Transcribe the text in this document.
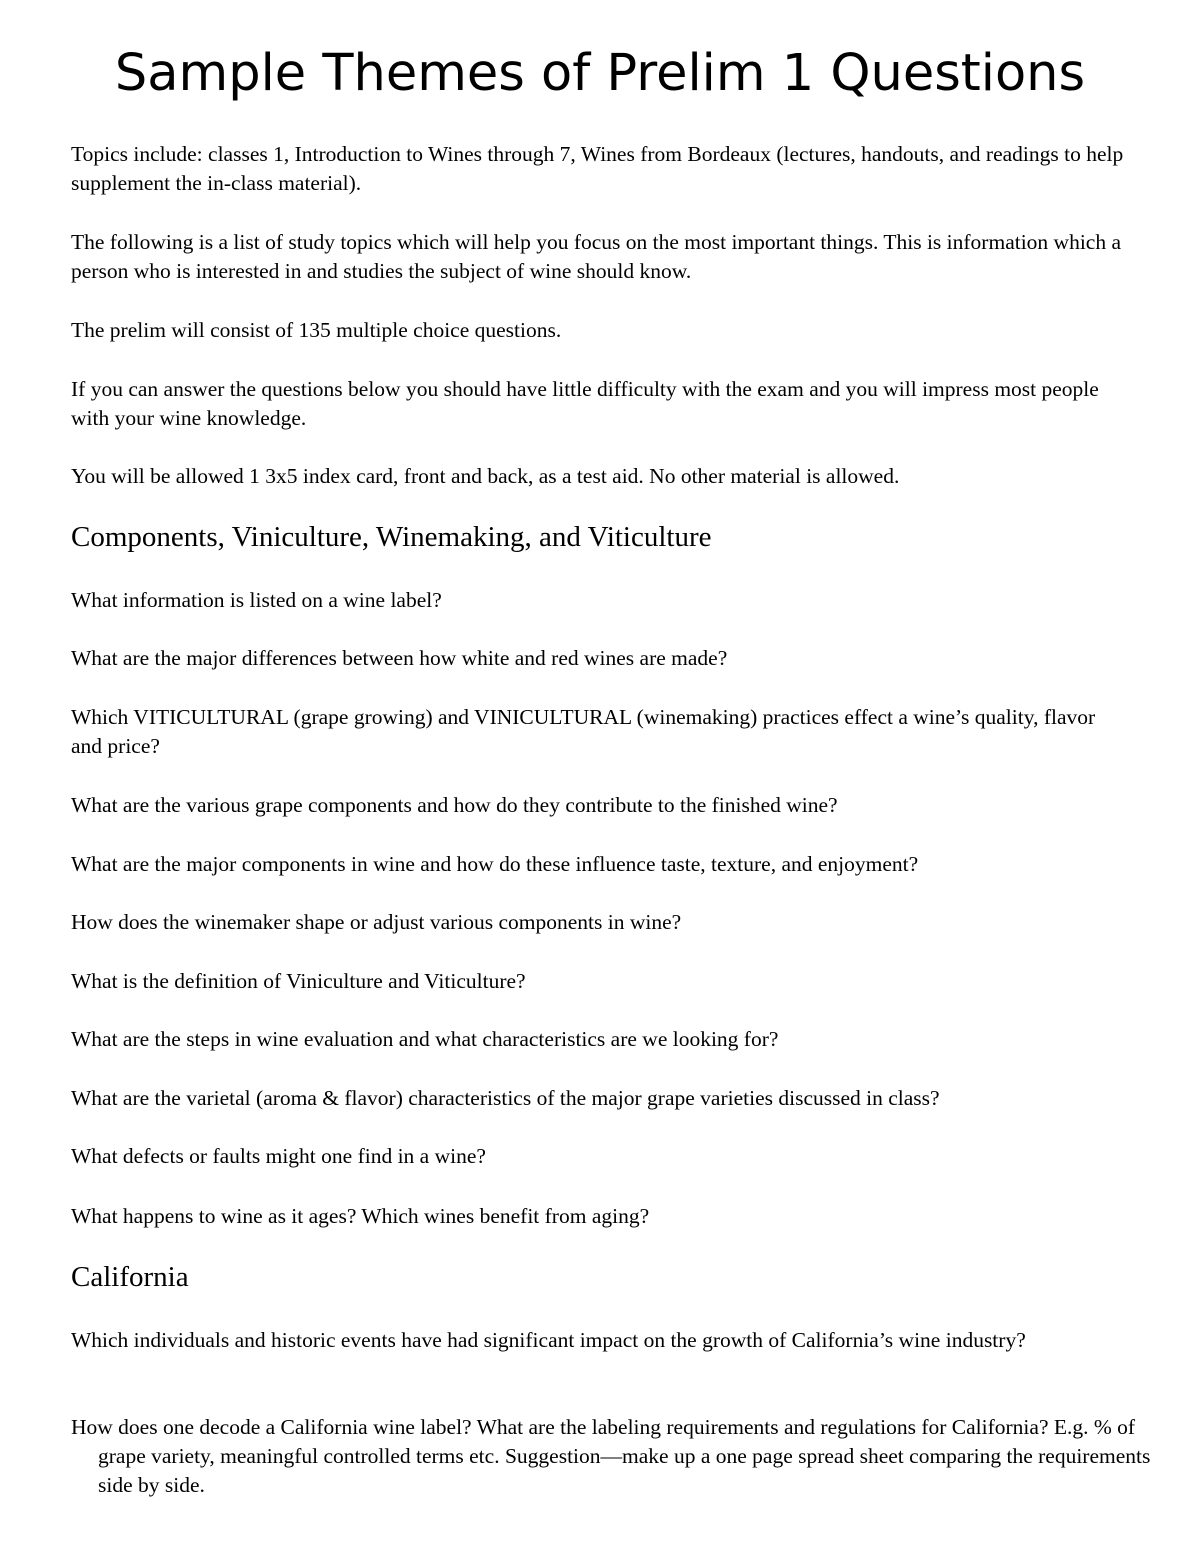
Sample Themes of Prelim 1 Questions

Topics include: classes 1, Introduction to Wines through 7, Wines from Bordeaux (lectures, handouts, and readings to help supplement the in-class material).

The following is a list of study topics which will help you focus on the most important things. This is information which a person who is interested in and studies the subject of wine should know.

The prelim will consist of 135 multiple choice questions.

If you can answer the questions below you should have little difficulty with the exam and you will impress most people with your wine knowledge.

You will be allowed 1 3x5 index card, front and back, as a test aid. No other material is allowed.

Components, Viniculture, Winemaking, and Viticulture

What information is listed on a wine label?

What are the major differences between how white and red wines are made?

Which VITICULTURAL (grape growing) and VINICULTURAL (winemaking) practices effect a wine’s quality, flavor and price?

What are the various grape components and how do they contribute to the finished wine?

What are the major components in wine and how do these influence taste, texture, and enjoyment?

How does the winemaker shape or adjust various components in wine?

What is the definition of Viniculture and Viticulture?

What are the steps in wine evaluation and what characteristics are we looking for?

What are the varietal (aroma & flavor) characteristics of the major grape varieties discussed in class?

What defects or faults might one find in a wine?

What happens to wine as it ages? Which wines benefit from aging?

California

Which individuals and historic events have had significant impact on the growth of California’s wine industry?

How does one decode a California wine label? What are the labeling requirements and regulations for California? E.g. % of grape variety, meaningful controlled terms etc. Suggestion—make up a one page spread sheet comparing the requirements side by side.
